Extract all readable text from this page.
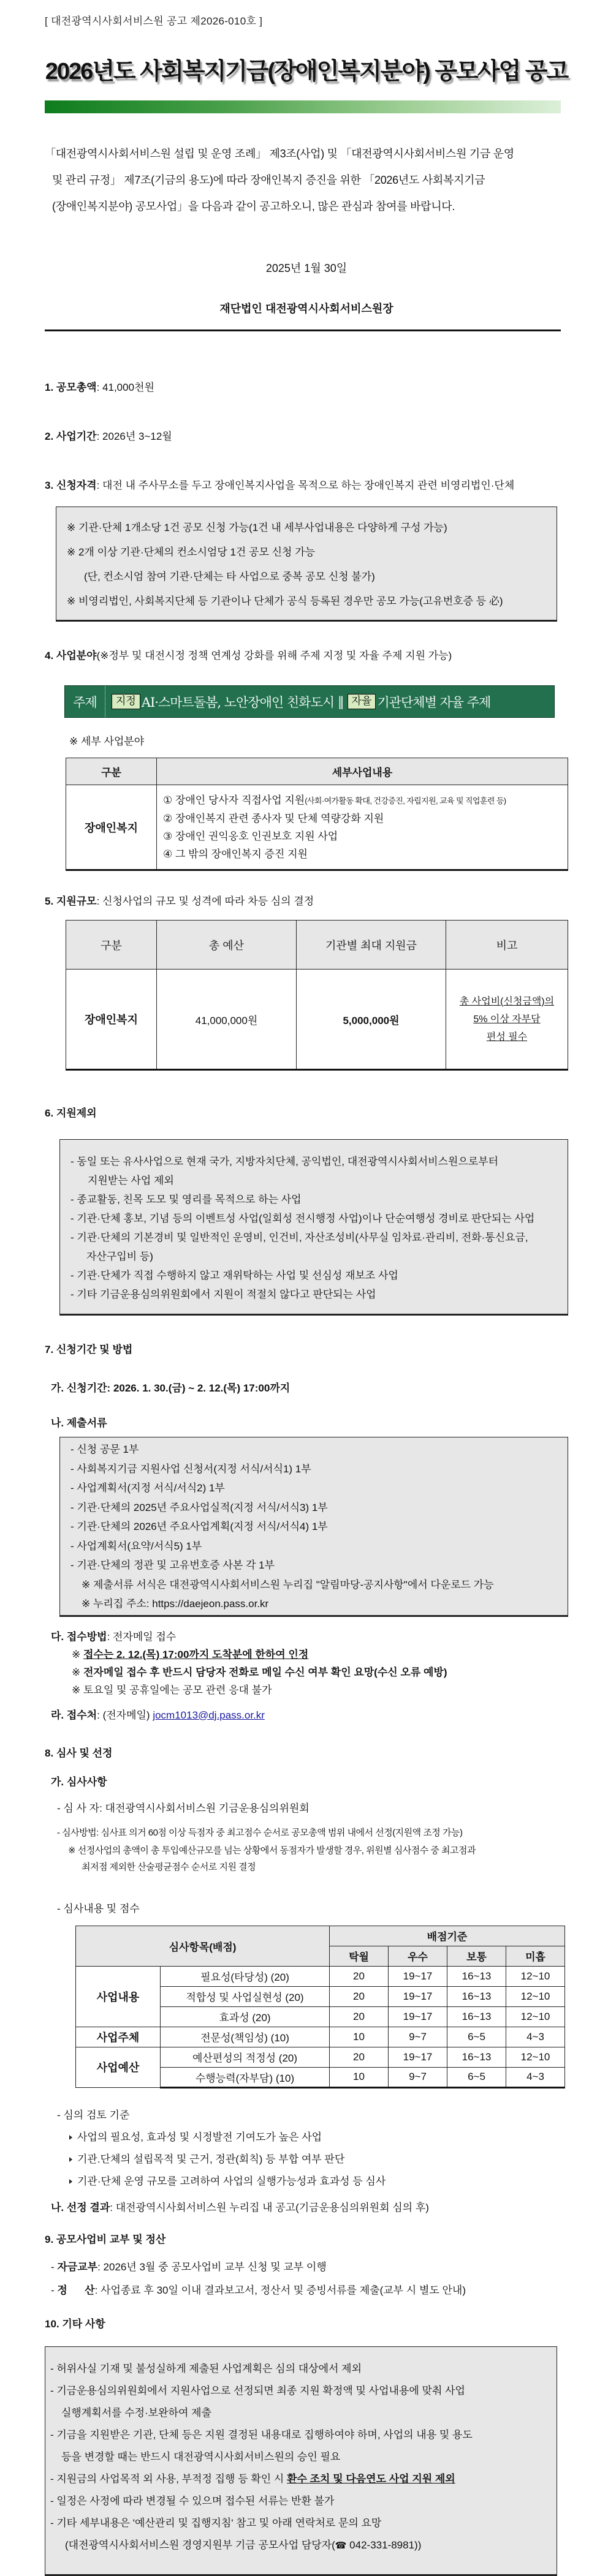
[ 대전광역시사회서비스원 공고 제2026-010호 ]
2026년도 사회복지기금(장애인복지분야) 공모사업 공고
「대전광역시사회서비스원 설립 및 운영 조례」 제3조(사업) 및 「대전광역시사회서비스원 기금 운영
및 관리 규정」 제7조(기금의 용도)에 따라 장애인복지 증진을 위한 「2026년도 사회복지기금
(장애인복지분야) 공모사업」을 다음과 같이 공고하오니, 많은 관심과 참여를 바랍니다.
2025년 1월 30일
재단법인 대전광역시사회서비스원장
1. 공모총액: 41,000천원
2. 사업기간: 2026년 3~12월
3. 신청자격: 대전 내 주사무소를 두고 장애인복지사업을 목적으로 하는 장애인복지 관련 비영리법인·단체
※ 기관·단체 1개소당 1건 공모 신청 가능(1건 내 세부사업내용은 다양하게 구성 가능)
※ 2개 이상 기관·단체의 컨소시엄당 1건 공모 신청 가능
(단, 컨소시엄 참여 기관·단체는 타 사업으로 중복 공모 신청 불가)
※ 비영리법인, 사회복지단체 등 기관이나 단체가 공식 등록된 경우만 공모 가능(고유번호증 등 必)
4. 사업분야(※정부 및 대전시정 정책 연계성 강화를 위해 주제 지정 및 자율 주제 지원 가능)
주제	지정 AI·스마트돌봄, 노안장애인 친화도시 ‖ 자율 기관단체별 자율 주제
※ 세부 사업분야
구분	세부사업내용
장애인복지	① 장애인 당사자 직접사업 지원(사회·여가활동 확대, 건강증진, 자립지원, 교육 및 직업훈련 등)
② 장애인복지 관련 종사자 및 단체 역량강화 지원
③ 장애인 권익옹호 인권보호 지원 사업
④ 그 밖의 장애인복지 증진 지원
5. 지원규모: 신청사업의 규모 및 성격에 따라 차등 심의 결정
구분	총 예산	기관별 최대 지원금	비고
장애인복지	41,000,000원	5,000,000원	총 사업비(신청금액)의
5% 이상 자부담
편성 필수
6. 지원제외
- 동일 또는 유사사업으로 현재 국가, 지방자치단체, 공익법인, 대전광역시사회서비스원으로부터
지원받는 사업 제외
- 종교활동, 친목 도모 및 영리를 목적으로 하는 사업
- 기관·단체 홍보, 기념 등의 이벤트성 사업(일회성 전시행정 사업)이나 단순여행성 경비로 판단되는 사업
- 기관·단체의 기본경비 및 일반적인 운영비, 인건비, 자산조성비(사무실 임차료·관리비, 전화·통신요금,
자산구입비 등)
- 기관·단체가 직접 수행하지 않고 재위탁하는 사업 및 선심성 재보조 사업
- 기타 기금운용심의위원회에서 지원이 적절치 않다고 판단되는 사업
7. 신청기간 및 방법
가. 신청기간: 2026. 1. 30.(금) ~ 2. 12.(목) 17:00까지
나. 제출서류
- 신청 공문 1부
- 사회복지기금 지원사업 신청서(지정 서식/서식1) 1부
- 사업계획서(지정 서식/서식2) 1부
- 기관·단체의 2025년 주요사업실적(지정 서식/서식3) 1부
- 기관·단체의 2026년 주요사업계획(지정 서식/서식4) 1부
- 사업계획서(요약/서식5) 1부
- 기관·단체의 정관 및 고유번호증 사본 각 1부
※ 제출서류 서식은 대전광역시사회서비스원 누리집 "알림마당-공지사항"에서 다운로드 가능
※ 누리집 주소: https://daejeon.pass.or.kr
다. 접수방법: 전자메일 접수
※ 접수는 2. 12.(목) 17:00까지 도착분에 한하여 인정
※ 전자메일 접수 후 반드시 담당자 전화로 메일 수신 여부 확인 요망(수신 오류 예방)
※ 토요일 및 공휴일에는 공모 관련 응대 불가
라. 접수처: (전자메일) jocm1013@dj.pass.or.kr
8. 심사 및 선정
가. 심사사항
- 심 사 자: 대전광역시사회서비스원 기금운용심의위원회
- 심사방법: 심사표 의거 60점 이상 득점자 중 최고점수 순서로 공모총액 범위 내에서 선정(지원액 조정 가능)
※ 선정사업의 총액이 총 투입예산규모를 넘는 상황에서 동점자가 발생할 경우, 위원별 심사점수 중 최고점과
최저점 제외한 산술평균점수 순서로 지원 결정
- 심사내용 및 점수
심사항목(배점)		배점기준			
		탁월	우수	보통	미흡
사업내용	필요성(타당성) (20)	20	19~17	16~13	12~10
	적합성 및 사업실현성 (20)	20	19~17	16~13	12~10
	효과성 (20)	20	19~17	16~13	12~10
사업주체	전문성(책임성) (10)	10	9~7	6~5	4~3
사업예산	예산편성의 적정성 (20)	20	19~17	16~13	12~10
	수행능력(자부담) (10)	10	9~7	6~5	4~3
- 심의 검토 기준
사업의 필요성, 효과성 및 시정발전 기여도가 높은 사업
기관.단체의 설립목적 및 근거, 정관(회칙) 등 부합 여부 판단
기관·단체 운영 규모를 고려하여 사업의 실행가능성과 효과성 등 심사
나. 선정 결과: 대전광역시사회서비스원 누리집 내 공고(기금운용심의위원회 심의 후)
9. 공모사업비 교부 및 정산
- 자금교부: 2026년 3월 중 공모사업비 교부 신청 및 교부 이행
- 정      산: 사업종료 후 30일 이내 결과보고서, 정산서 및 증빙서류를 제출(교부 시 별도 안내)
10. 기타 사항
- 허위사실 기재 및 불성실하게 제출된 사업계획은 심의 대상에서 제외
- 기금운용심의위원회에서 지원사업으로 선정되면 최종 지원 확정액 및 사업내용에 맞춰 사업
실행계획서를 수정·보완하여 제출
- 기금을 지원받은 기관, 단체 등은 지원 결정된 내용대로 집행하여야 하며, 사업의 내용 및 용도
등을 변경할 때는 반드시 대전광역시사회서비스원의 승인 필요
- 지원금의 사업목적 외 사용, 부적정 집행 등 확인 시 환수 조치 및 다음연도 사업 지원 제외
- 일정은 사정에 따라 변경될 수 있으며 접수된 서류는 반환 불가
- 기타 세부내용은 '예산관리 및 집행지침' 참고 및 아래 연락처로 문의 요망
(대전광역시사회서비스원 경영지원부 기금 공모사업 담당자(☎ 042-331-8981))
